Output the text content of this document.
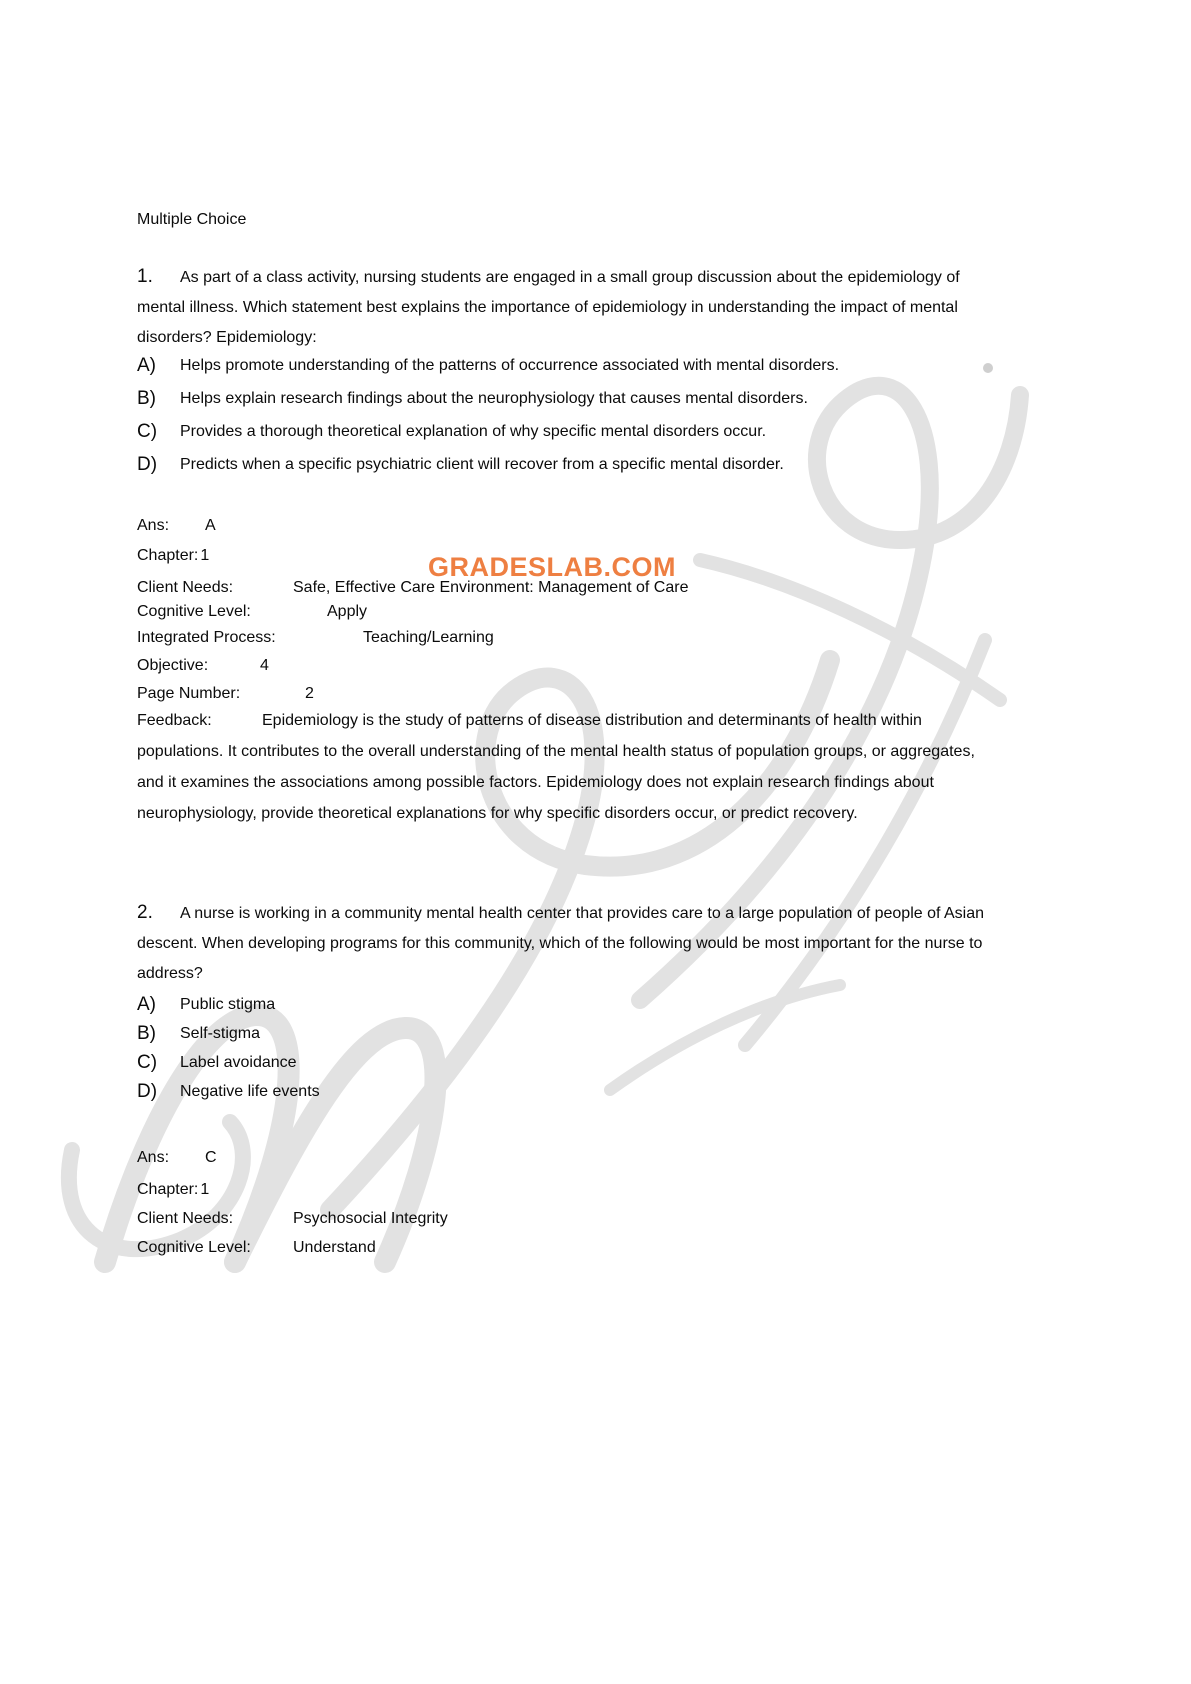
GRADESLAB.COM
Multiple Choice
1. As part of a class activity, nursing students are engaged in a small group discussion about the epidemiology of mental illness. Which statement best explains the importance of epidemiology in understanding the impact of mental disorders? Epidemiology:
A)	Helps promote understanding of the patterns of occurrence associated with mental disorders.
B)	Helps explain research findings about the neurophysiology that causes mental disorders.
C)	Provides a thorough theoretical explanation of why specific mental disorders occur.
D)	Predicts when a specific psychiatric client will recover from a specific mental disorder.
Ans: A
Chapter: 1
Client Needs:	Safe, Effective Care Environment: Management of Care
Cognitive Level:	Apply
Integrated Process:	Teaching/Learning
Objective:	4
Page Number:	2
Feedback:	Epidemiology is the study of patterns of disease distribution and determinants of health within populations. It contributes to the overall understanding of the mental health status of population groups, or aggregates, and it examines the associations among possible factors. Epidemiology does not explain research findings about neurophysiology, provide theoretical explanations for why specific disorders occur, or predict recovery.
2. A nurse is working in a community mental health center that provides care to a large population of people of Asian descent. When developing programs for this community, which of the following would be most important for the nurse to address?
A)	Public stigma
B)	Self-stigma
C)	Label avoidance
D)	Negative life events
Ans: C
Chapter: 1
Client Needs:	Psychosocial Integrity
Cognitive Level:	Understand
